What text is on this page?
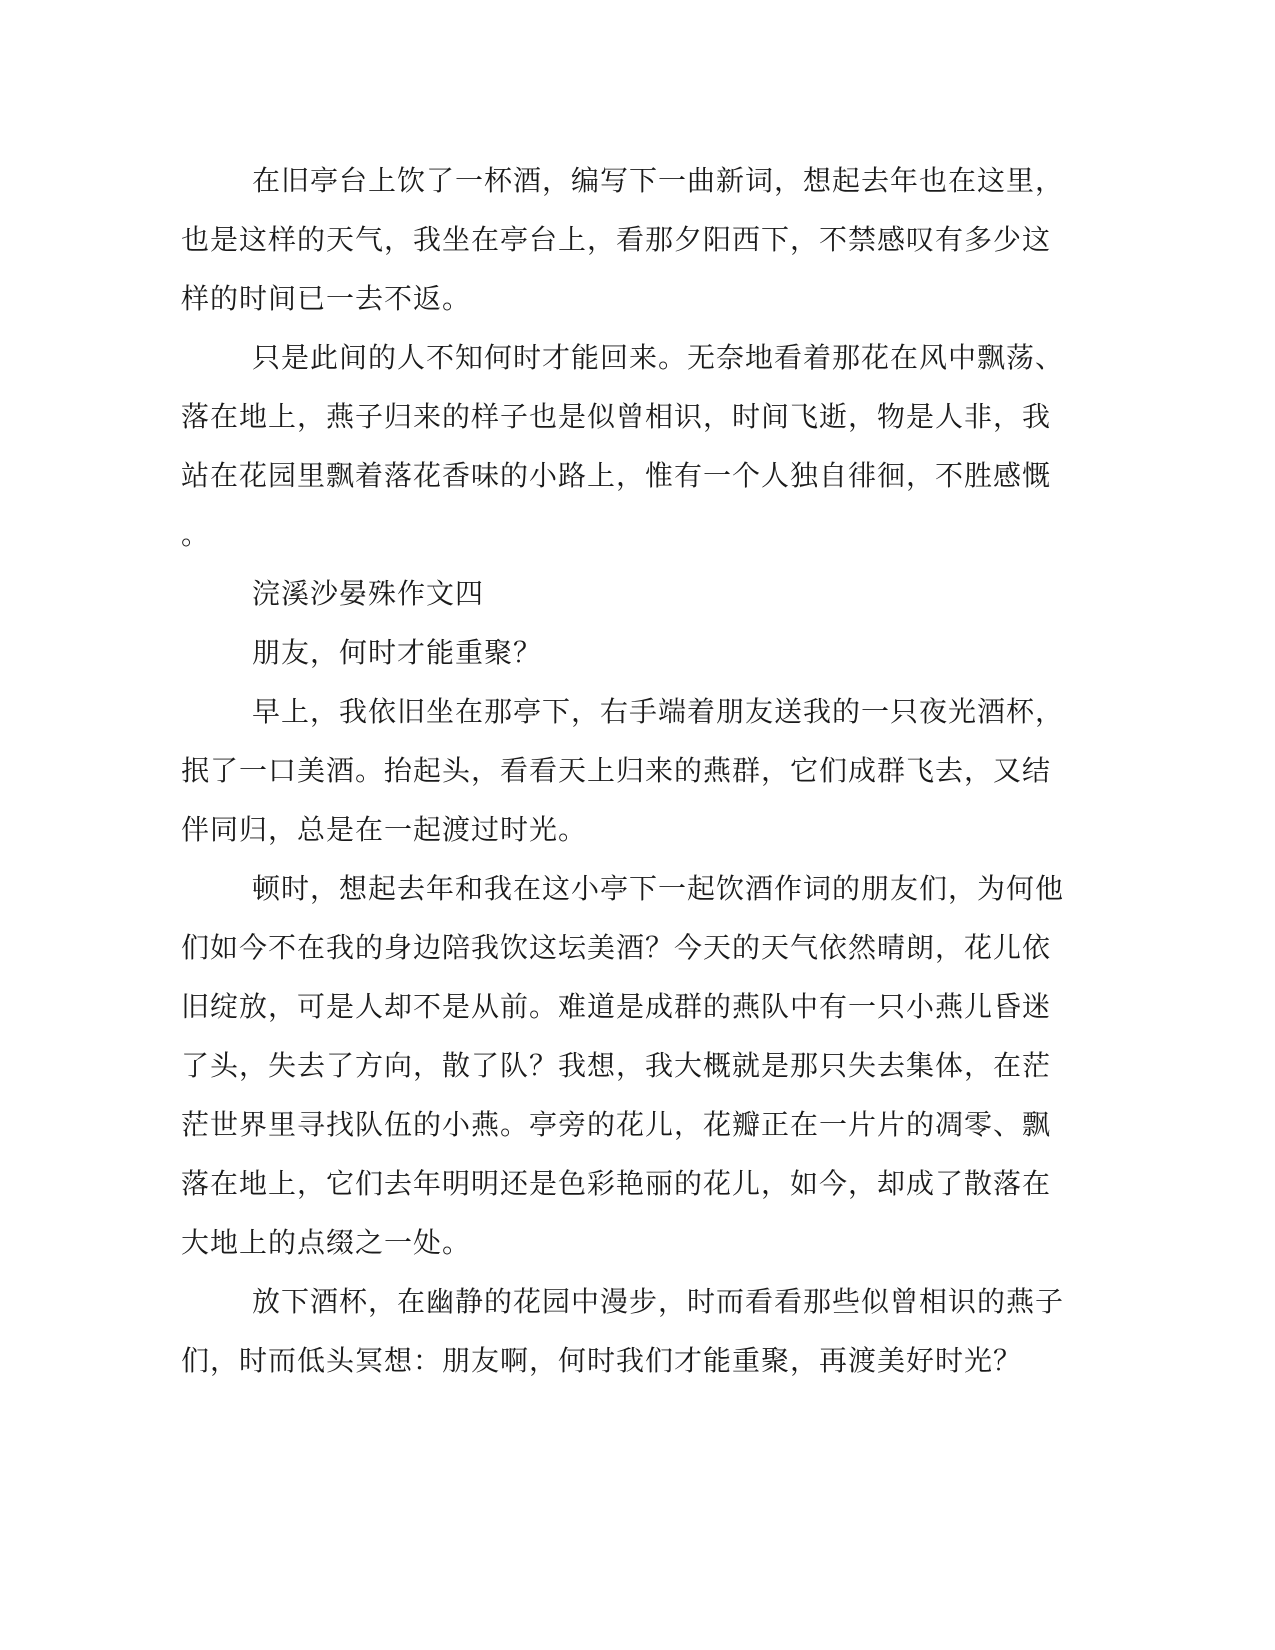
在旧亭台上饮了一杯酒，编写下一曲新词，想起去年也在这里，
也是这样的天气，我坐在亭台上，看那夕阳西下，不禁感叹有多少这
样的时间已一去不返。
只是此间的人不知何时才能回来。无奈地看着那花在风中飘荡、
落在地上，燕子归来的样子也是似曾相识，时间飞逝，物是人非，我
站在花园里飘着落花香味的小路上，惟有一个人独自徘徊，不胜感慨
。
浣溪沙晏殊作文四
朋友，何时才能重聚？
早上，我依旧坐在那亭下，右手端着朋友送我的一只夜光酒杯，
抿了一口美酒。抬起头，看看天上归来的燕群，它们成群飞去，又结
伴同归，总是在一起渡过时光。
顿时，想起去年和我在这小亭下一起饮酒作词的朋友们，为何他
们如今不在我的身边陪我饮这坛美酒？今天的天气依然晴朗，花儿依
旧绽放，可是人却不是从前。难道是成群的燕队中有一只小燕儿昏迷
了头，失去了方向，散了队？我想，我大概就是那只失去集体，在茫
茫世界里寻找队伍的小燕。亭旁的花儿，花瓣正在一片片的凋零、飘
落在地上，它们去年明明还是色彩艳丽的花儿，如今，却成了散落在
大地上的点缀之一处。
放下酒杯，在幽静的花园中漫步，时而看看那些似曾相识的燕子
们，时而低头冥想：朋友啊，何时我们才能重聚，再渡美好时光？
